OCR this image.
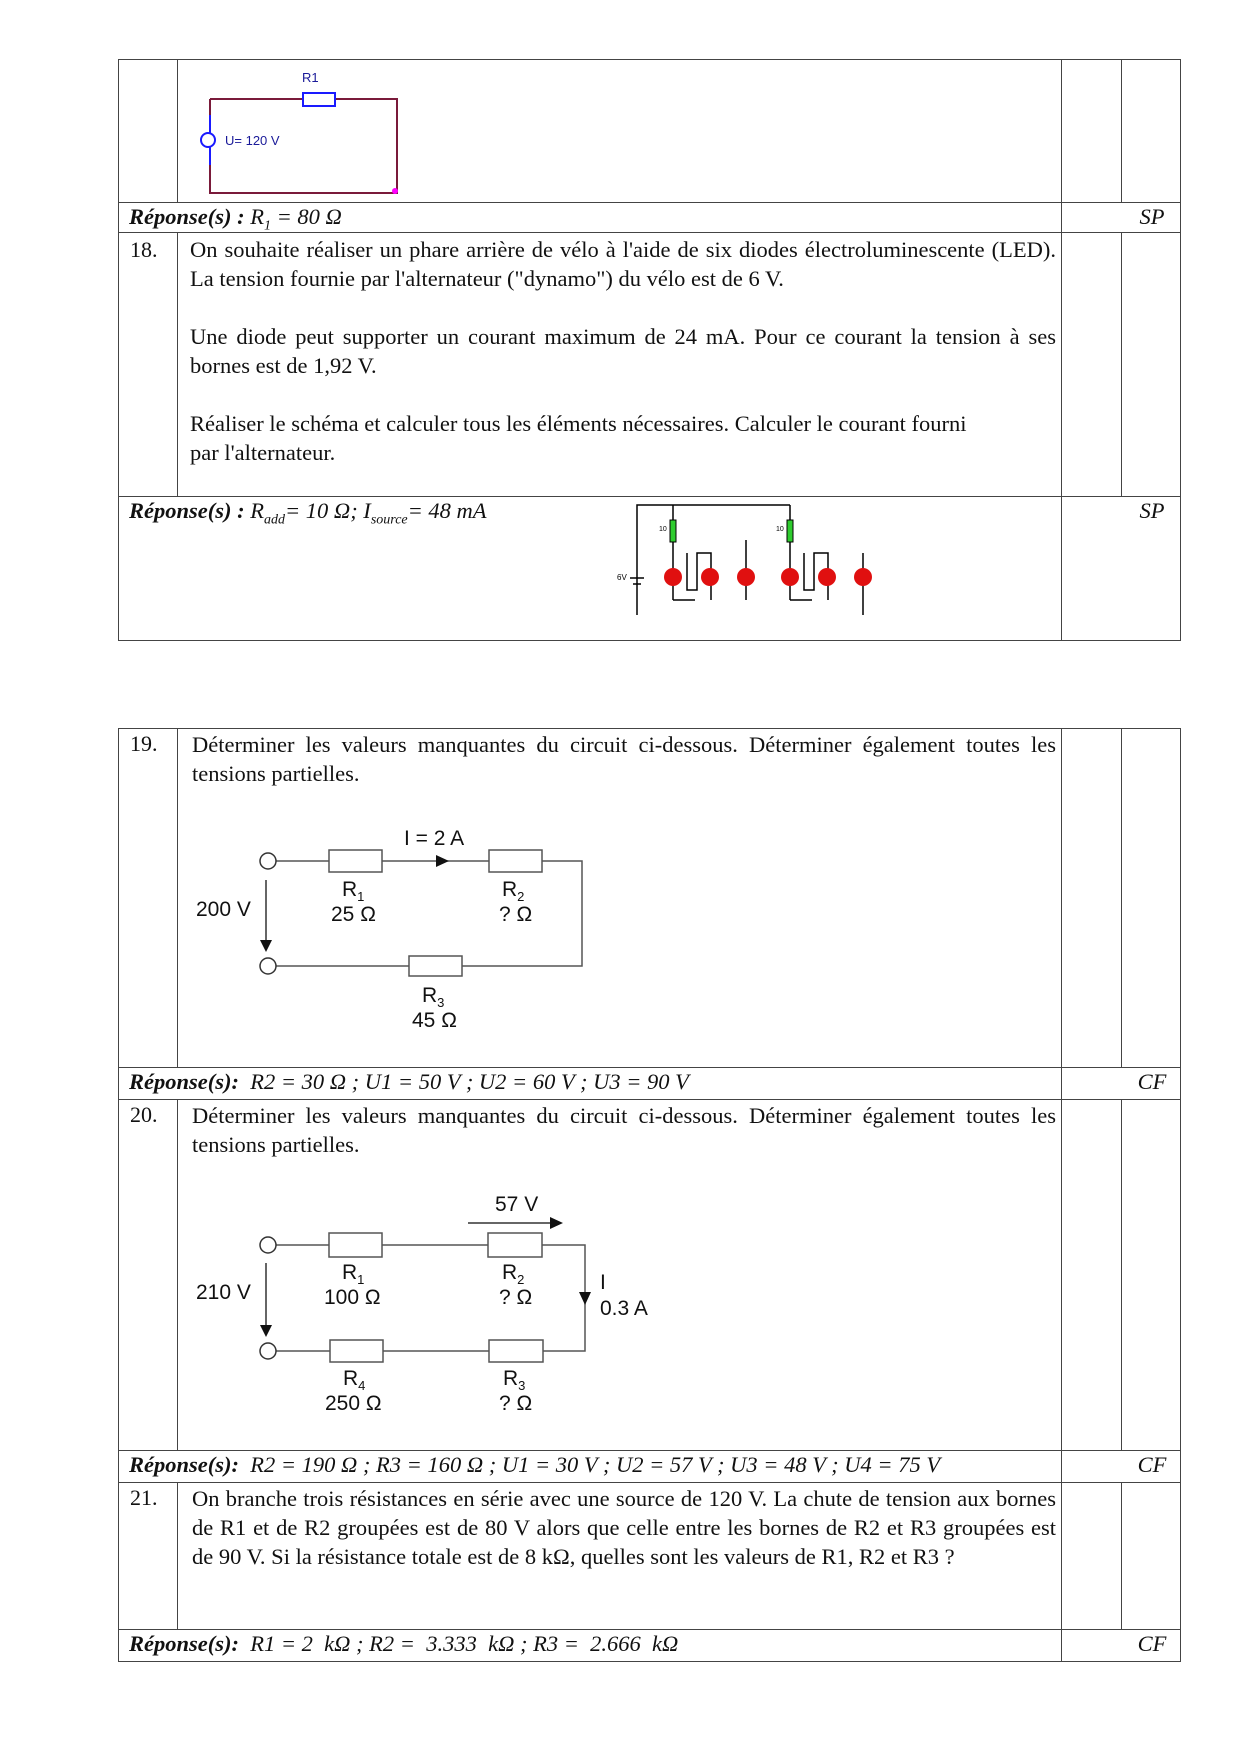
R1
U= 120 V
Réponse(s) : $R_1 = 80$ Ω	SP
18. On souhaite réaliser un phare arrière de vélo à l'aide de six diodes électroluminescente (LED). La tension fournie par l'alternateur ("dynamo") du vélo est de 6 V.

Une diode peut supporter un courant maximum de 24 mA. Pour ce courant la tension à ses bornes est de 1,92 V.

Réaliser le schéma et calculer tous les éléments nécessaires. Calculer le courant fourni par l'alternateur.

Réponse(s) : $R_{add}= 10$ Ω; $I_{source}= 48$ mA	SP
6V
10	10
19. Déterminer les valeurs manquantes du circuit ci-dessous. Déterminer également toutes les tensions partielles.
I = 2 A
200 V
$R_1$
25 Ω
$R_2$
? Ω
$R_3$
45 Ω
Réponse(s):  R2 = 30 Ω ; U1 = 50 V ; U2 = 60 V ; U3 = 90 V	CF
20. Déterminer les valeurs manquantes du circuit ci-dessous. Déterminer également toutes les tensions partielles.
57 V
210 V	I
0.3 A
$R_1$
100 Ω
$R_2$
? Ω
$R_4$
250 Ω
$R_3$
? Ω
Réponse(s):  R2 = 190 Ω ; R3 = 160 Ω ; U1 = 30 V ; U2 = 57 V ; U3 = 48 V ; U4 = 75 V	CF
21. On branche trois résistances en série avec une source de 120 V. La chute de tension aux bornes de R1 et de R2 groupées est de 80 V alors que celle entre les bornes de R2 et R3 groupées est de 90 V. Si la résistance totale est de 8 kΩ, quelles sont les valeurs de R1, R2 et R3 ?
Réponse(s):  R1 = 2  kΩ ; R2 =  3.333  kΩ ; R3 =  2.666  kΩ	CF
